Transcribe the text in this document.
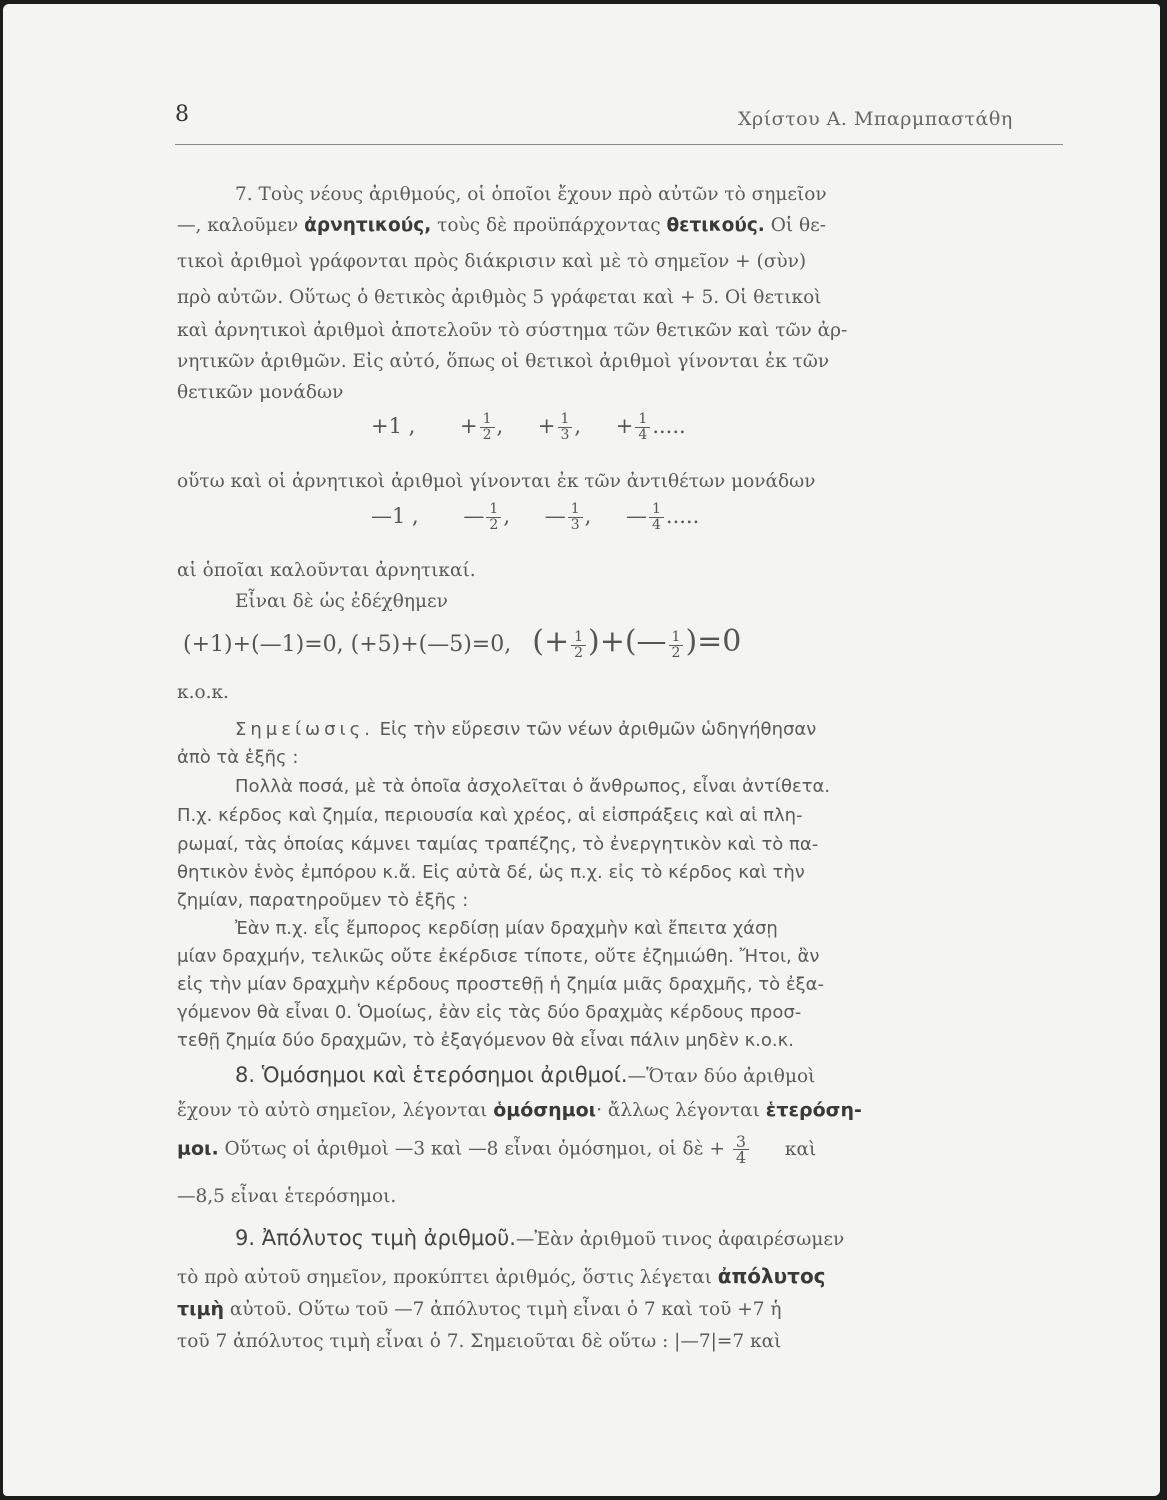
8	Χρίστου Α. Μπαρμπαστάθη
7. Τοὺς νέους ἀριθμούς, οἱ ὁποῖοι ἔχουν πρὸ αὐτῶν τὸ σημεῖον
—, καλοῦμεν ἀρνητικούς, τοὺς δὲ προϋπάρχοντας θετικούς. Οἱ θε-
τικοὶ ἀριθμοὶ γράφονται πρὸς διάκρισιν καὶ μὲ τὸ σημεῖον + (σὺν)
πρὸ αὐτῶν. Οὕτως ὁ θετικὸς ἀριθμὸς 5 γράφεται καὶ + 5. Οἱ θετικοὶ
καὶ ἀρνητικοὶ ἀριθμοὶ ἀποτελοῦν τὸ σύστημα τῶν θετικῶν καὶ τῶν ἀρ-
νητικῶν ἀριθμῶν. Εἰς αὐτό, ὅπως οἱ θετικοὶ ἀριθμοὶ γίνονται ἐκ τῶν
θετικῶν μονάδων
+1 , + $\frac{1}{2}$ , + $\frac{1}{3}$ , + $\frac{1}{4}$ .....
οὕτω καὶ οἱ ἀρνητικοὶ ἀριθμοὶ γίνονται ἐκ τῶν ἀντιθέτων μονάδων
—1 , — $\frac{1}{2}$ , — $\frac{1}{3}$ , — $\frac{1}{4}$ .....
αἱ ὁποῖαι καλοῦνται ἀρνητικαί.
Εἶναι δὲ ὡς ἐδέχθημεν
(+1)+(—1)=0, (+5)+(—5)=0, (+ $\frac{1}{2}$ )+(— $\frac{1}{2} )=0$
κ.ο.κ.
Σημείωσις. Εἰς τὴν εὕρεσιν τῶν νέων ἀριθμῶν ὡδηγήθησαν
ἀπὸ τὰ ἑξῆς :
Πολλὰ ποσά, μὲ τὰ ὁποῖα ἀσχολεῖται ὁ ἄνθρωπος, εἶναι ἀντίθετα.
Π.χ. κέρδος καὶ ζημία, περιουσία καὶ χρέος, αἱ εἰσπράξεις καὶ αἱ πλη-
ρωμαί, τὰς ὁποίας κάμνει ταμίας τραπέζης, τὸ ἐνεργητικὸν καὶ τὸ πα-
θητικὸν ἑνὸς ἐμπόρου κ.ἄ. Εἰς αὐτὰ δέ, ὡς π.χ. εἰς τὸ κέρδος καὶ τὴν
ζημίαν, παρατηροῦμεν τὸ ἑξῆς :
Ἐὰν π.χ. εἷς ἔμπορος κερδίσῃ μίαν δραχμὴν καὶ ἔπειτα χάσῃ
μίαν δραχμήν, τελικῶς οὔτε ἐκέρδισε τίποτε, οὔτε ἐζημιώθη. Ἤτοι, ἂν
εἰς τὴν μίαν δραχμὴν κέρδους προστεθῇ ἡ ζημία μιᾶς δραχμῆς, τὸ ἐξα-
γόμενον θὰ εἶναι 0. Ὁμοίως, ἐὰν εἰς τὰς δύο δραχμὰς κέρδους προσ-
τεθῇ ζημία δύο δραχμῶν, τὸ ἐξαγόμενον θὰ εἶναι πάλιν μηδὲν κ.ο.κ.
8. Ὁμόσημοι καὶ ἑτερόσημοι ἀριθμοί.—Ὅταν δύο ἀριθμοὶ
ἔχουν τὸ αὐτὸ σημεῖον, λέγονται ὁμόσημοι· ἄλλως λέγονται ἑτερόση-
μοι. Οὕτως οἱ ἀριθμοὶ —3 καὶ —8 εἶναι ὁμόσημοι, οἱ δὲ + $\frac{3}{4}$ καὶ
—8,5 εἶναι ἑτερόσημοι.
9. Ἀπόλυτος τιμὴ ἀριθμοῦ.—Ἐὰν ἀριθμοῦ τινος ἀφαιρέσωμεν
τὸ πρὸ αὐτοῦ σημεῖον, προκύπτει ἀριθμός, ὅστις λέγεται ἀπόλυτος
τιμὴ αὐτοῦ. Οὕτω τοῦ —7 ἀπόλυτος τιμὴ εἶναι ὁ 7 καὶ τοῦ +7 ἡ
τοῦ 7 ἀπόλυτος τιμὴ εἶναι ὁ 7. Σημειοῦται δὲ οὕτω : |—7|=7 καὶ
